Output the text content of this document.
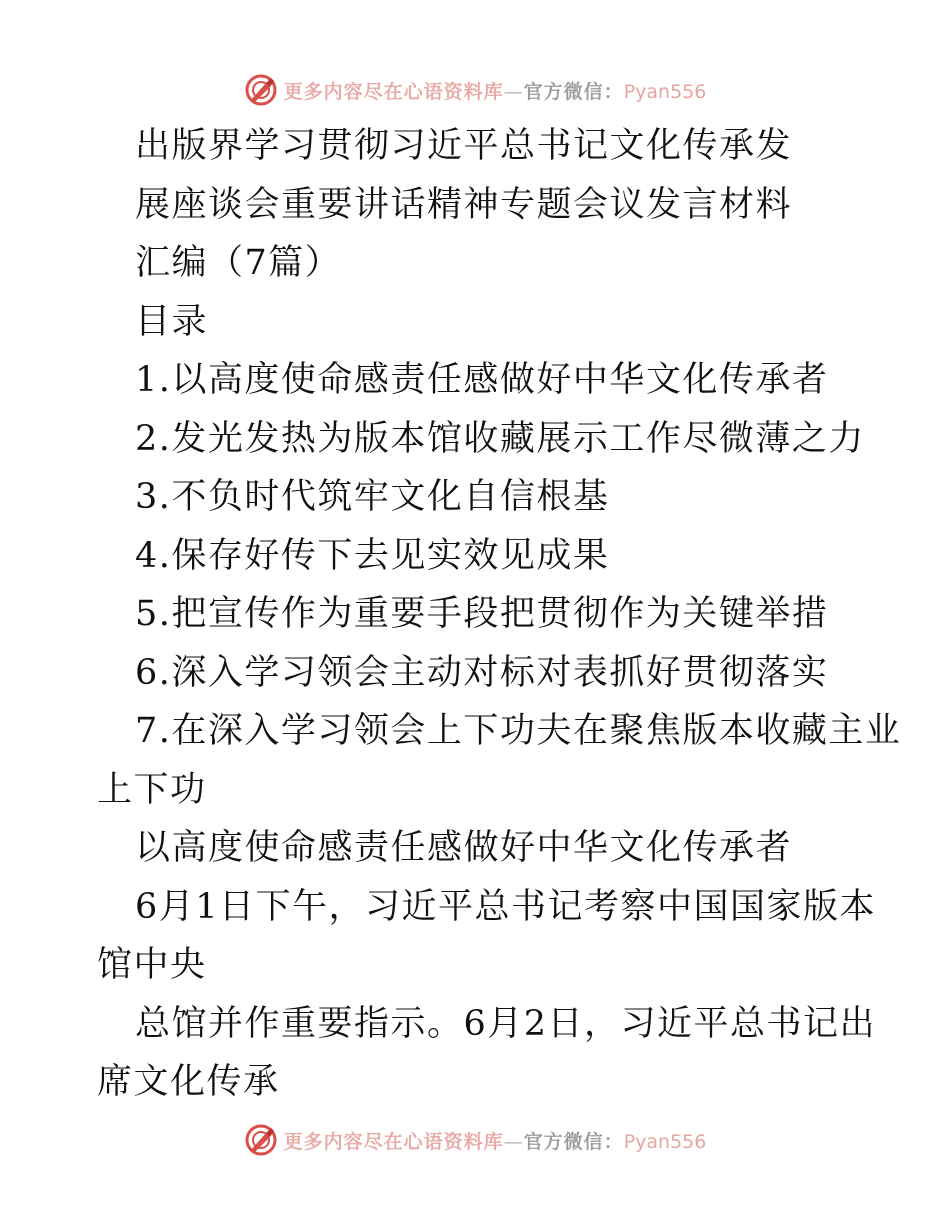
更多内容尽在心语资料库—官方微信：Pyan556
出版界学习贯彻习近平总书记文化传承发
展座谈会重要讲话精神专题会议发言材料
汇编（7篇）
目录
1.以高度使命感责任感做好中华文化传承者
2.发光发热为版本馆收藏展示工作尽微薄之力
3.不负时代筑牢文化自信根基
4.保存好传下去见实效见成果
5.把宣传作为重要手段把贯彻作为关键举措
6.深入学习领会主动对标对表抓好贯彻落实
7.在深入学习领会上下功夫在聚焦版本收藏主业
上下功
以高度使命感责任感做好中华文化传承者
6月1日下午，习近平总书记考察中国国家版本
馆中央
总馆并作重要指示。6月2日，习近平总书记出
席文化传承
更多内容尽在心语资料库—官方微信：Pyan556
